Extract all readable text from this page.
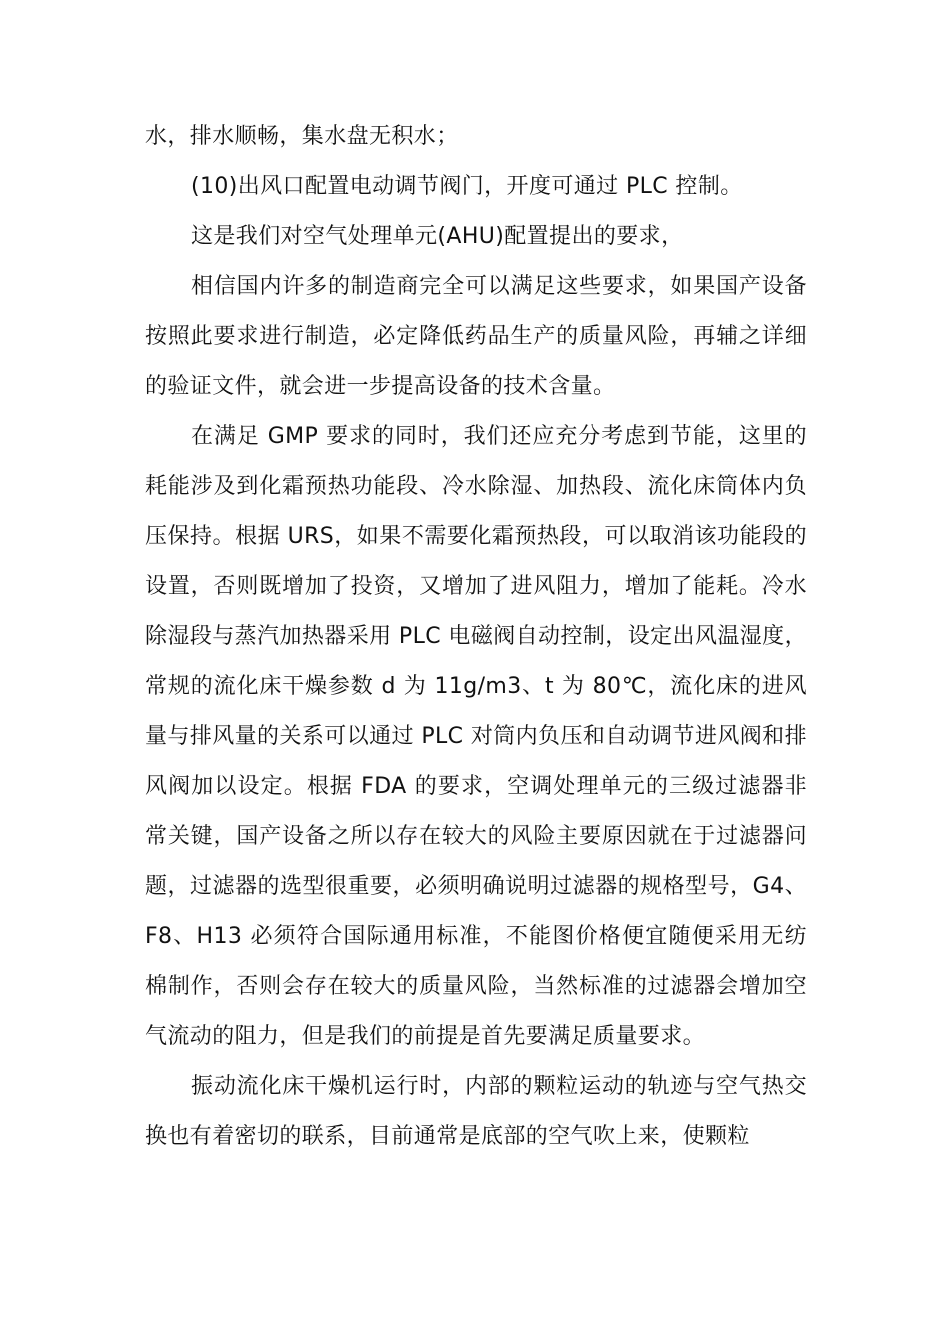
水，排水顺畅，集水盘无积水；

(10)出风口配置电动调节阀门，开度可通过 PLC 控制。

这是我们对空气处理单元(AHU)配置提出的要求，

相信国内许多的制造商完全可以满足这些要求，如果国产设备按照此要求进行制造，必定降低药品生产的质量风险，再辅之详细的验证文件，就会进一步提高设备的技术含量。

在满足 GMP 要求的同时，我们还应充分考虑到节能，这里的耗能涉及到化霜预热功能段、冷水除湿、加热段、流化床筒体内负压保持。根据 URS，如果不需要化霜预热段，可以取消该功能段的设置，否则既增加了投资，又增加了进风阻力，增加了能耗。冷水除湿段与蒸汽加热器采用 PLC 电磁阀自动控制，设定出风温湿度，常规的流化床干燥参数 d 为 11g/m3、t 为 80℃，流化床的进风量与排风量的关系可以通过 PLC 对筒内负压和自动调节进风阀和排风阀加以设定。根据 FDA 的要求，空调处理单元的三级过滤器非常关键，国产设备之所以存在较大的风险主要原因就在于过滤器问题，过滤器的选型很重要，必须明确说明过滤器的规格型号，G4、F8、H13 必须符合国际通用标准，不能图价格便宜随便采用无纺棉制作，否则会存在较大的质量风险，当然标准的过滤器会增加空气流动的阻力，但是我们的前提是首先要满足质量要求。

振动流化床干燥机运行时，内部的颗粒运动的轨迹与空气热交换也有着密切的联系，目前通常是底部的空气吹上来，使颗粒
